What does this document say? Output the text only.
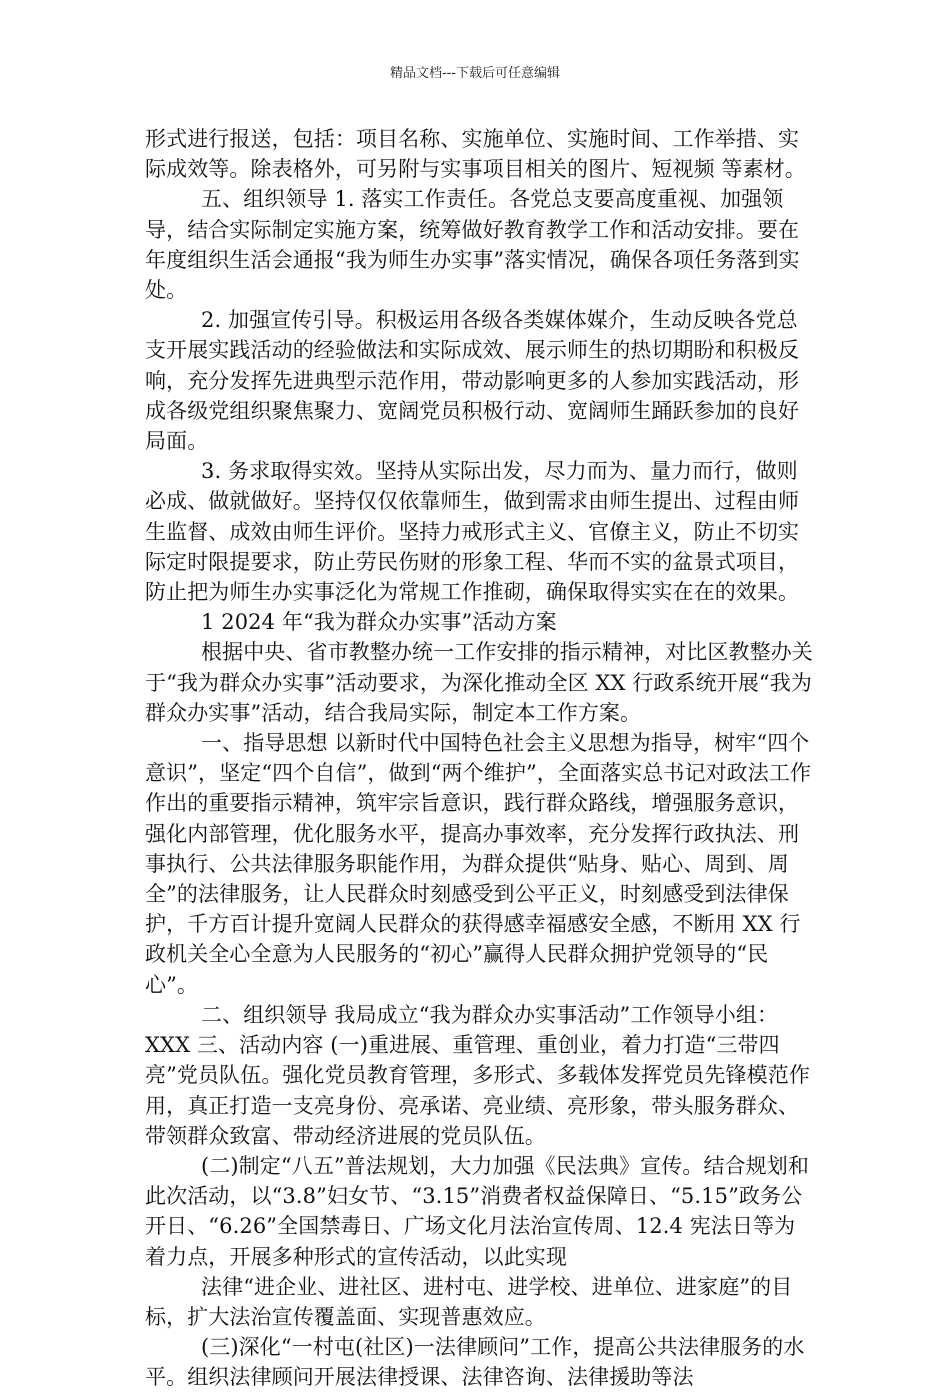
精品文档---下载后可任意编辑

形式进行报送，包括：项目名称、实施单位、实施时间、工作举措、实际成效等。除表格外，可另附与实事项目相关的图片、短视频 等素材。

五、组织领导 1. 落实工作责任。各党总支要高度重视、加强领导，结合实际制定实施方案，统筹做好教育教学工作和活动安排。要在年度组织生活会通报“我为师生办实事”落实情况，确保各项任务落到实处。

2. 加强宣传引导。积极运用各级各类媒体媒介，生动反映各党总支开展实践活动的经验做法和实际成效、展示师生的热切期盼和积极反响，充分发挥先进典型示范作用，带动影响更多的人参加实践活动，形成各级党组织聚焦聚力、宽阔党员积极行动、宽阔师生踊跃参加的良好局面。

3. 务求取得实效。坚持从实际出发，尽力而为、量力而行，做则必成、做就做好。坚持仅仅依靠师生，做到需求由师生提出、过程由师生监督、成效由师生评价。坚持力戒形式主义、官僚主义，防止不切实际定时限提要求，防止劳民伤财的形象工程、华而不实的盆景式项目，防止把为师生办实事泛化为常规工作推砌，确保取得实实在在的效果。

1 2024 年“我为群众办实事”活动方案

根据中央、省市教整办统一工作安排的指示精神，对比区教整办关于“我为群众办实事”活动要求，为深化推动全区 XX 行政系统开展“我为群众办实事”活动，结合我局实际，制定本工作方案。

一、指导思想 以新时代中国特色社会主义思想为指导，树牢“四个意识”，坚定“四个自信”，做到“两个维护”，全面落实总书记对政法工作作出的重要指示精神，筑牢宗旨意识，践行群众路线，增强服务意识，强化内部管理，优化服务水平，提高办事效率，充分发挥行政执法、刑事执行、公共法律服务职能作用，为群众提供“贴身、贴心、周到、周全”的法律服务，让人民群众时刻感受到公平正义，时刻感受到法律保护，千方百计提升宽阔人民群众的获得感幸福感安全感，不断用 XX 行政机关全心全意为人民服务的“初心”赢得人民群众拥护党领导的“民心”。

二、组织领导 我局成立“我为群众办实事活动”工作领导小组：XXX 三、活动内容 (一)重进展、重管理、重创业，着力打造“三带四亮”党员队伍。强化党员教育管理，多形式、多载体发挥党员先锋模范作用，真正打造一支亮身份、亮承诺、亮业绩、亮形象，带头服务群众、带领群众致富、带动经济进展的党员队伍。

(二)制定“八五”普法规划，大力加强《民法典》宣传。结合规划和此次活动，以“3.8”妇女节、“3.15”消费者权益保障日、“5.15”政务公开日、“6.26”全国禁毒日、广场文化月法治宣传周、12.4 宪法日等为着力点，开展多种形式的宣传活动，以此实现

法律“进企业、进社区、进村屯、进学校、进单位、进家庭”的目标，扩大法治宣传覆盖面、实现普惠效应。

(三)深化“一村屯(社区)一法律顾问”工作，提高公共法律服务的水平。组织法律顾问开展法律授课、法律咨询、法律援助等法
